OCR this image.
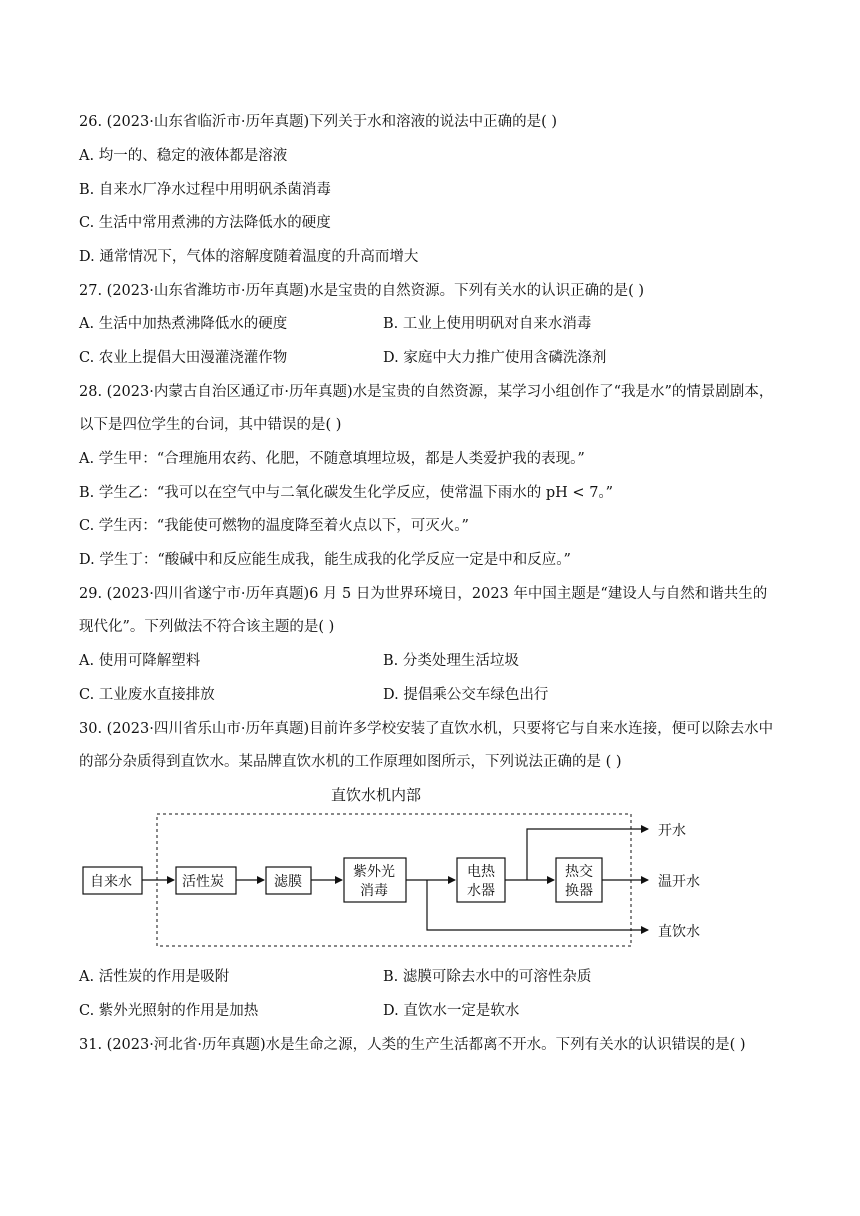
26. (2023·山东省临沂市·历年真题)下列关于水和溶液的说法中正确的是( )
A. 均一的、稳定的液体都是溶液
B. 自来水厂净水过程中用明矾杀菌消毒
C. 生活中常用煮沸的方法降低水的硬度
D. 通常情况下，气体的溶解度随着温度的升高而增大
27. (2023·山东省潍坊市·历年真题)水是宝贵的自然资源。下列有关水的认识正确的是( )
A. 生活中加热煮沸降低水的硬度	B. 工业上使用明矾对自来水消毒
C. 农业上提倡大田漫灌浇灌作物	D. 家庭中大力推广使用含磷洗涤剂
28. (2023·内蒙古自治区通辽市·历年真题)水是宝贵的自然资源，某学习小组创作了“我是水”的情景剧剧本，
以下是四位学生的台词，其中错误的是( )
A. 学生甲：“合理施用农药、化肥，不随意填埋垃圾，都是人类爱护我的表现。”
B. 学生乙：“我可以在空气中与二氧化碳发生化学反应，使常温下雨水的 pH < 7。”
C. 学生丙：“我能使可燃物的温度降至着火点以下，可灭火。”
D. 学生丁：“酸碱中和反应能生成我，能生成我的化学反应一定是中和反应。”
29. (2023·四川省遂宁市·历年真题)6 月 5 日为世界环境日，2023 年中国主题是“建设人与自然和谐共生的
现代化”。下列做法不符合该主题的是( )
A. 使用可降解塑料	B. 分类处理生活垃圾
C. 工业废水直接排放	D. 提倡乘公交车绿色出行
30. (2023·四川省乐山市·历年真题)目前许多学校安装了直饮水机，只要将它与自来水连接，便可以除去水中
的部分杂质得到直饮水。某品牌直饮水机的工作原理如图所示，下列说法正确的是 ( )
直饮水机内部
自来水	活性炭	滤膜
紫外光
消毒
电热
水器
热交
换器
开水
温开水
直饮水
A. 活性炭的作用是吸附	B. 滤膜可除去水中的可溶性杂质
C. 紫外光照射的作用是加热	D. 直饮水一定是软水
31. (2023·河北省·历年真题)水是生命之源，人类的生产生活都离不开水。下列有关水的认识错误的是( )
